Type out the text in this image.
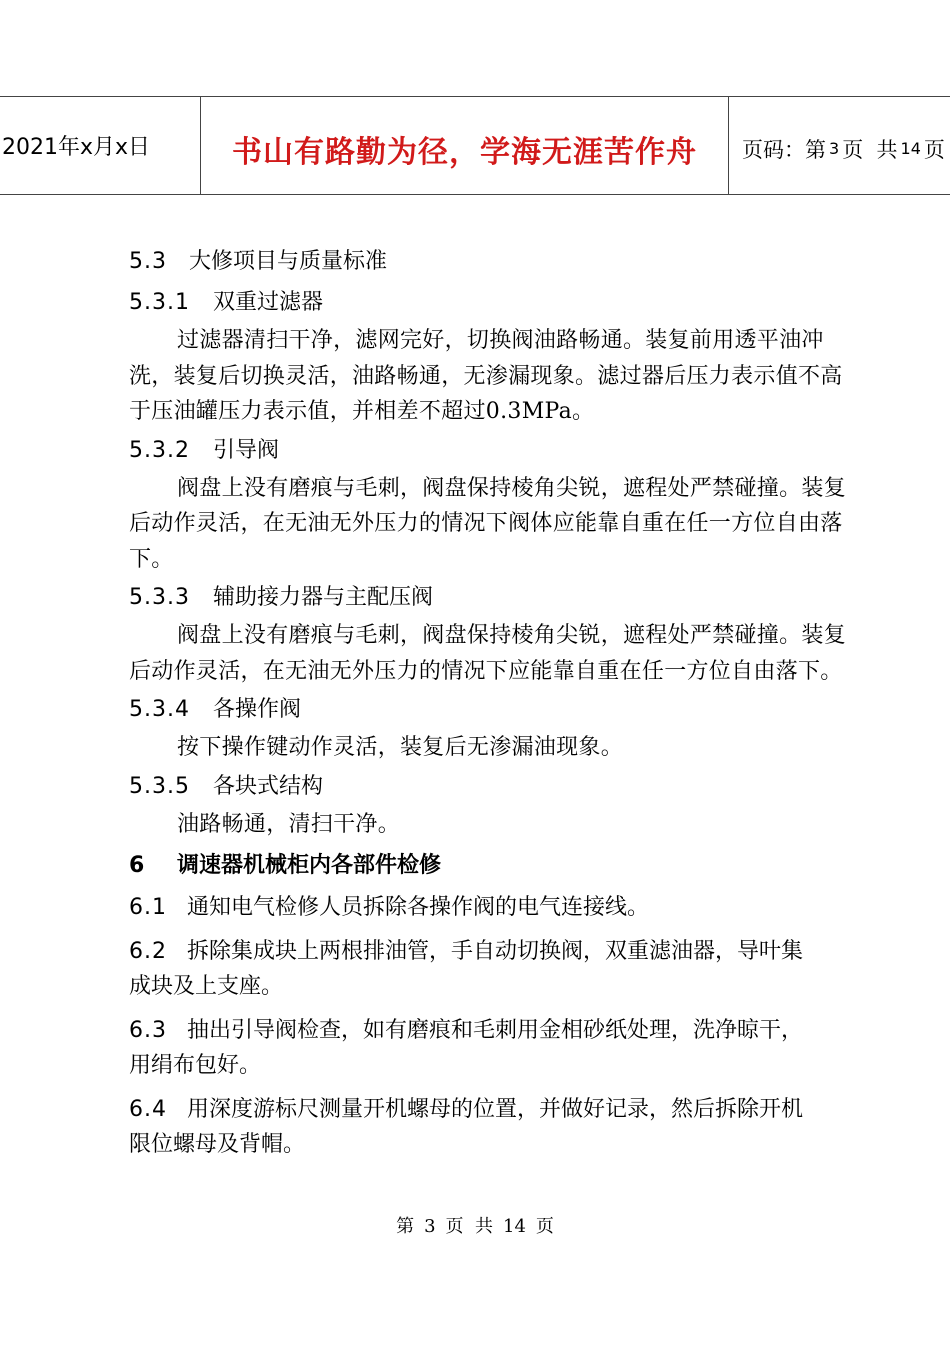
2021年x月x日	书山有路勤为径，学海无涯苦作舟	页码：第 3 页  共 14 页
5.3 大修项目与质量标准
5.3.1 双重过滤器
过滤器清扫干净，滤网完好，切换阀油路畅通。装复前用透平油冲洗，装复后切换灵活，油路畅通，无渗漏现象。滤过器后压力表示值不高于压油罐压力表示值，并相差不超过0.3MPa。
5.3.2 引导阀
阀盘上没有磨痕与毛刺，阀盘保持棱角尖锐，遮程处严禁碰撞。装复后动作灵活，在无油无外压力的情况下阀体应能靠自重在任一方位自由落下。
5.3.3 辅助接力器与主配压阀
阀盘上没有磨痕与毛刺，阀盘保持棱角尖锐，遮程处严禁碰撞。装复后动作灵活，在无油无外压力的情况下应能靠自重在任一方位自由落下。
5.3.4 各操作阀
按下操作键动作灵活，装复后无渗漏油现象。
5.3.5 各块式结构
油路畅通，清扫干净。
6 调速器机械柜内各部件检修
6.1 通知电气检修人员拆除各操作阀的电气连接线。
6.2 拆除集成块上两根排油管，手自动切换阀，双重滤油器，导叶集成块及上支座。
6.3 抽出引导阀检查，如有磨痕和毛刺用金相砂纸处理，洗净晾干，用绢布包好。
6.4 用深度游标尺测量开机螺母的位置，并做好记录，然后拆除开机限位螺母及背帽。
第 3 页  共 14 页
